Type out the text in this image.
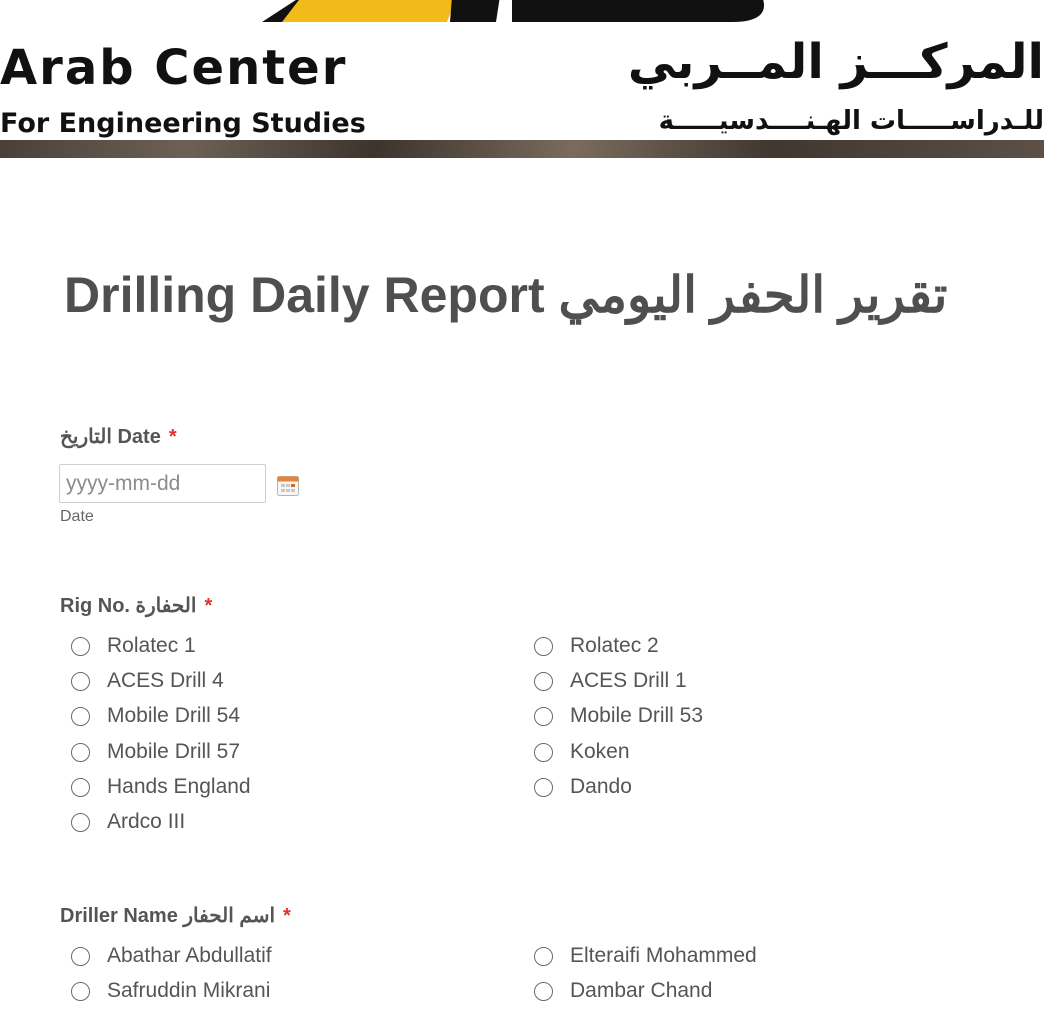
Arab Center
For Engineering Studies
المركـــز المــربي
للـدراســـــات الهـنــــدسيـــــة
Drilling Daily Report تقرير الحفر اليومي
التاريخ Date *
yyyy-mm-dd
Date
Rig No. الحفارة *
Rolatec 1	Rolatec 2
ACES Drill 4	ACES Drill 1
Mobile Drill 54	Mobile Drill 53
Mobile Drill 57	Koken
Hands England	Dando
Ardco III
Driller Name اسم الحفار *
Abathar Abdullatif	Elteraifi Mohammed
Safruddin Mikrani	Dambar Chand
